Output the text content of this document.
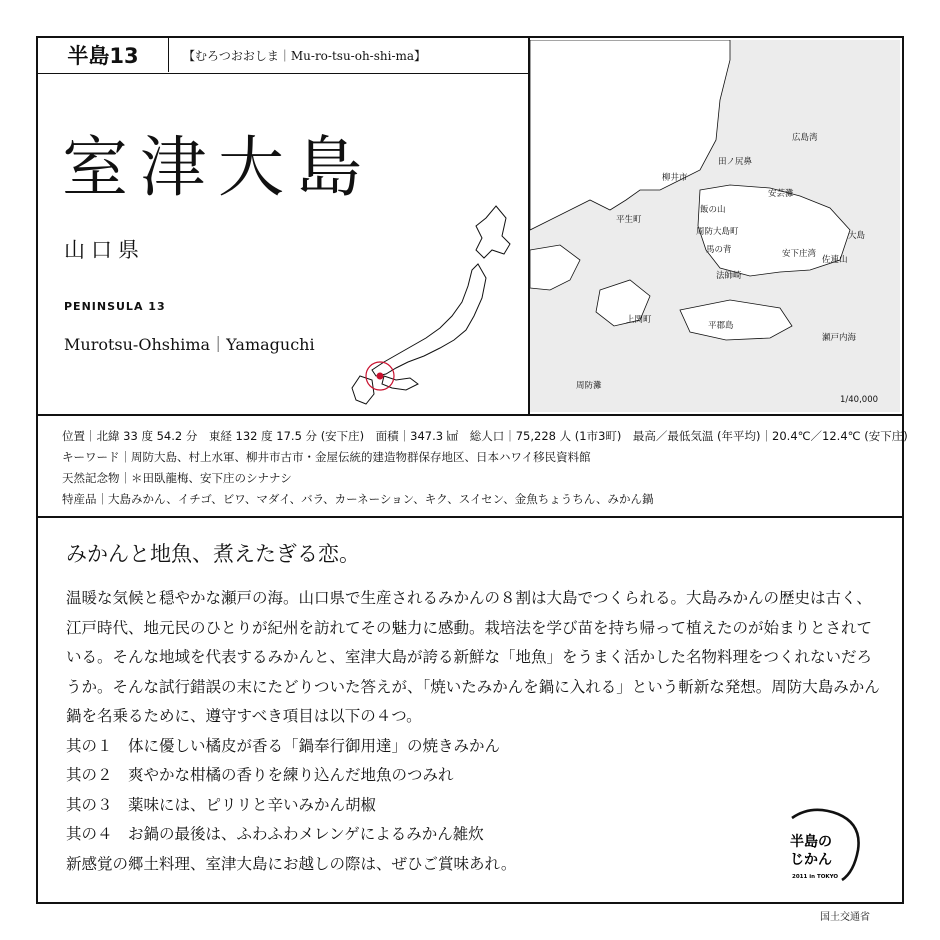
半島13	【むろつおおしま｜Mu-ro-tsu-oh-shi-ma】
室津大島
山口県
PENINSULA 13
Murotsu-Ohshima｜Yamaguchi
広島湾
田ノ尻鼻
柳井市
安芸灘
飯の山
平生町
周防大島町	大島
馬の背	安下庄湾
佐連山
法師崎
上関町
平郡島
瀬戸内海
周防灘
1/40,000
位置｜北緯 33 度 54.2 分　東経 132 度 17.5 分 (安下庄)　面積｜347.3 ㎢　総人口｜75,228 人 (1市3町)　最高／最低気温 (年平均)｜20.4℃／12.4℃ (安下庄)
キーワード｜周防大島、村上水軍、柳井市古市・金屋伝統的建造物群保存地区、日本ハワイ移民資料館
天然記念物｜＊田臥龍梅、安下庄のシナナシ
特産品｜大島みかん、イチゴ、ビワ、マダイ、バラ、カーネーション、キク、スイセン、金魚ちょうちん、みかん鍋
みかんと地魚、煮えたぎる恋。

温暖な気候と穏やかな瀬戸の海。山口県で生産されるみかんの８割は大島でつくられる。大島みかんの歴史は古く、江戸時代、地元民のひとりが紀州を訪れてその魅力に感動。栽培法を学び苗を持ち帰って植えたのが始まりとされている。そんな地域を代表するみかんと、室津大島が誇る新鮮な「地魚」をうまく活かした名物料理をつくれないだろうか。そんな試行錯誤の末にたどりついた答えが、「焼いたみかんを鍋に入れる」という斬新な発想。周防大島みかん鍋を名乗るために、遵守すべき項目は以下の４つ。

其の１　体に優しい橘皮が香る「鍋奉行御用達」の焼きみかん

其の２　爽やかな柑橘の香りを練り込んだ地魚のつみれ

其の３　薬味には、ピリリと辛いみかん胡椒

其の４　お鍋の最後は、ふわふわメレンゲによるみかん雑炊

新感覚の郷土料理、室津大島にお越しの際は、ぜひご賞味あれ。

半島の
じかん
2011 in TOKYO
国土交通省
